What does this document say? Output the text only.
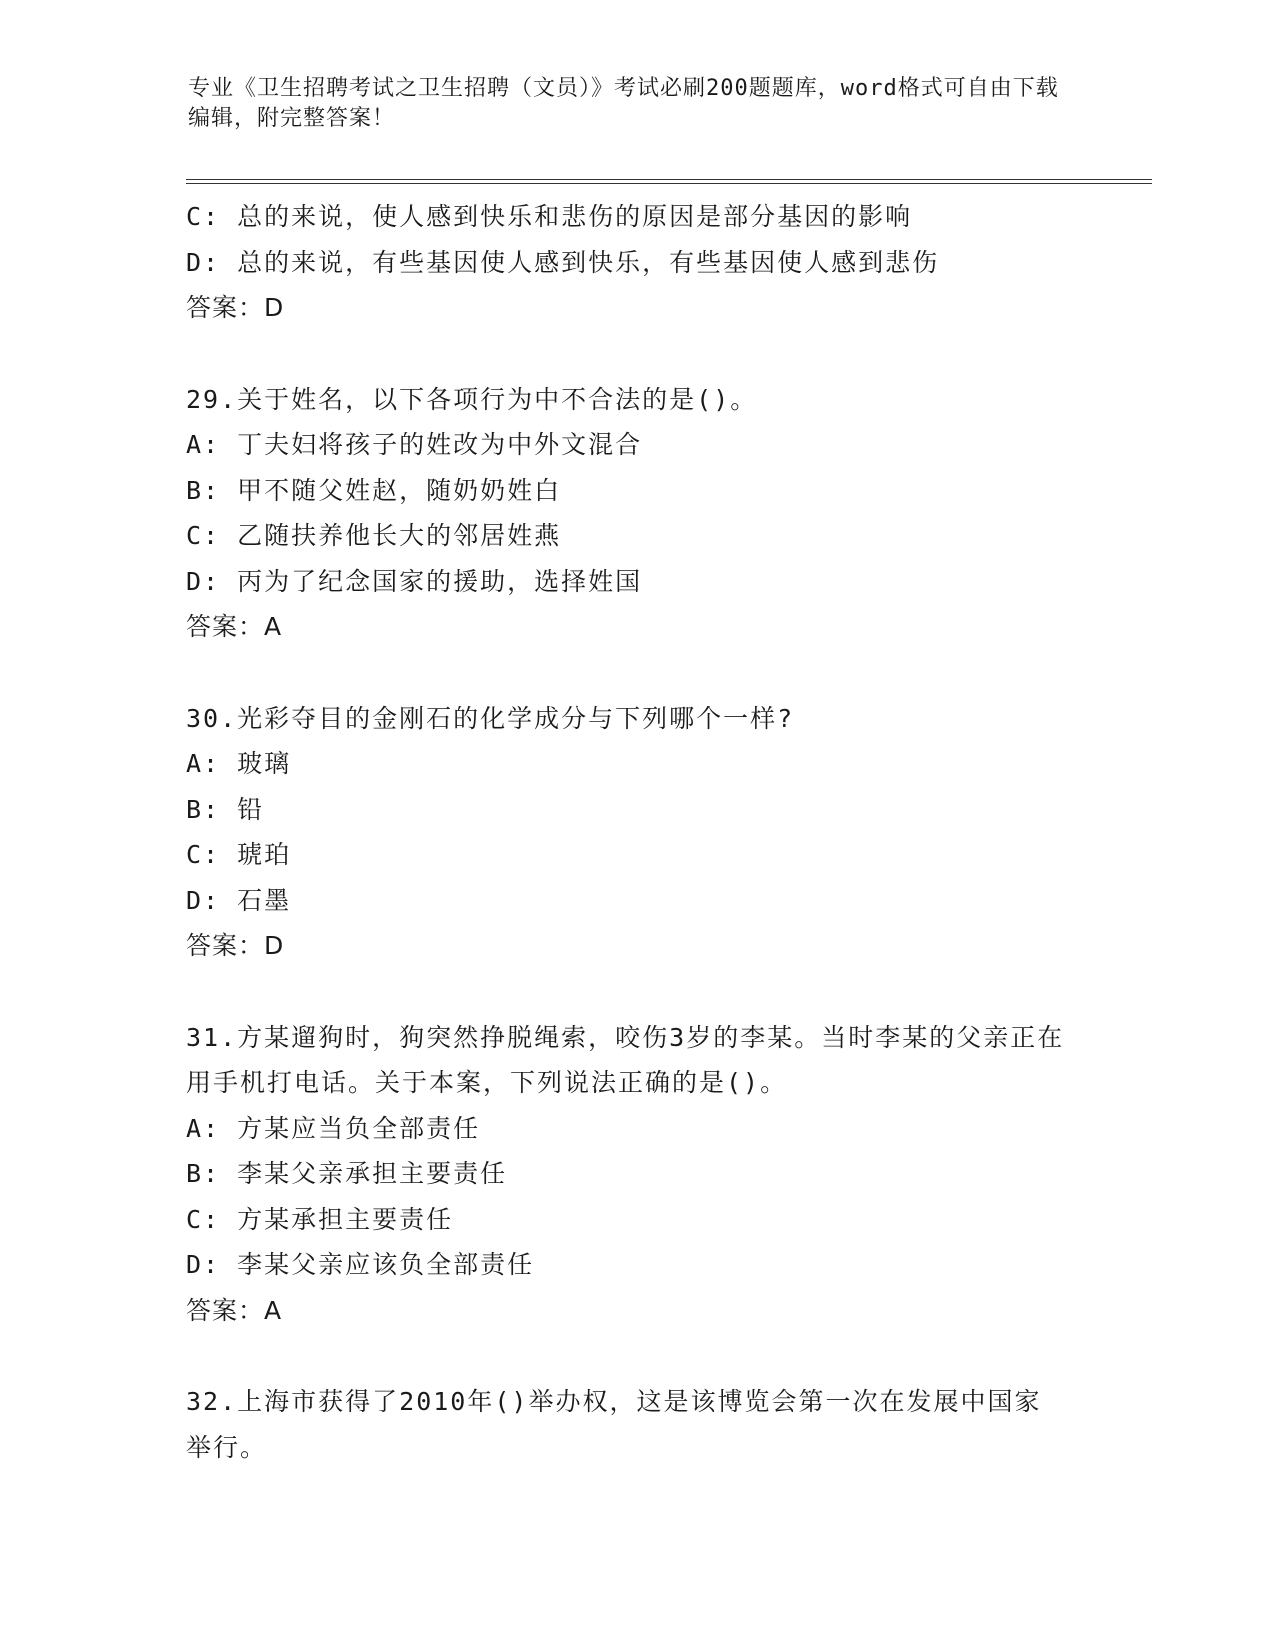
专业《卫生招聘考试之卫生招聘（文员）》考试必刷200题题库，word格式可自由下载编辑，附完整答案！
C: 总的来说，使人感到快乐和悲伤的原因是部分基因的影响
D: 总的来说，有些基因使人感到快乐，有些基因使人感到悲伤
答案：D
29.关于姓名，以下各项行为中不合法的是()。
A: 丁夫妇将孩子的姓改为中外文混合
B: 甲不随父姓赵，随奶奶姓白
C: 乙随扶养他长大的邻居姓燕
D: 丙为了纪念国家的援助，选择姓国
答案：A
30.光彩夺目的金刚石的化学成分与下列哪个一样?
A: 玻璃
B: 铅
C: 琥珀
D: 石墨
答案：D
31.方某遛狗时，狗突然挣脱绳索，咬伤3岁的李某。当时李某的父亲正在用手机打电话。关于本案，下列说法正确的是()。
A: 方某应当负全部责任
B: 李某父亲承担主要责任
C: 方某承担主要责任
D: 李某父亲应该负全部责任
答案：A
32.上海市获得了2010年()举办权，这是该博览会第一次在发展中国家举行。
